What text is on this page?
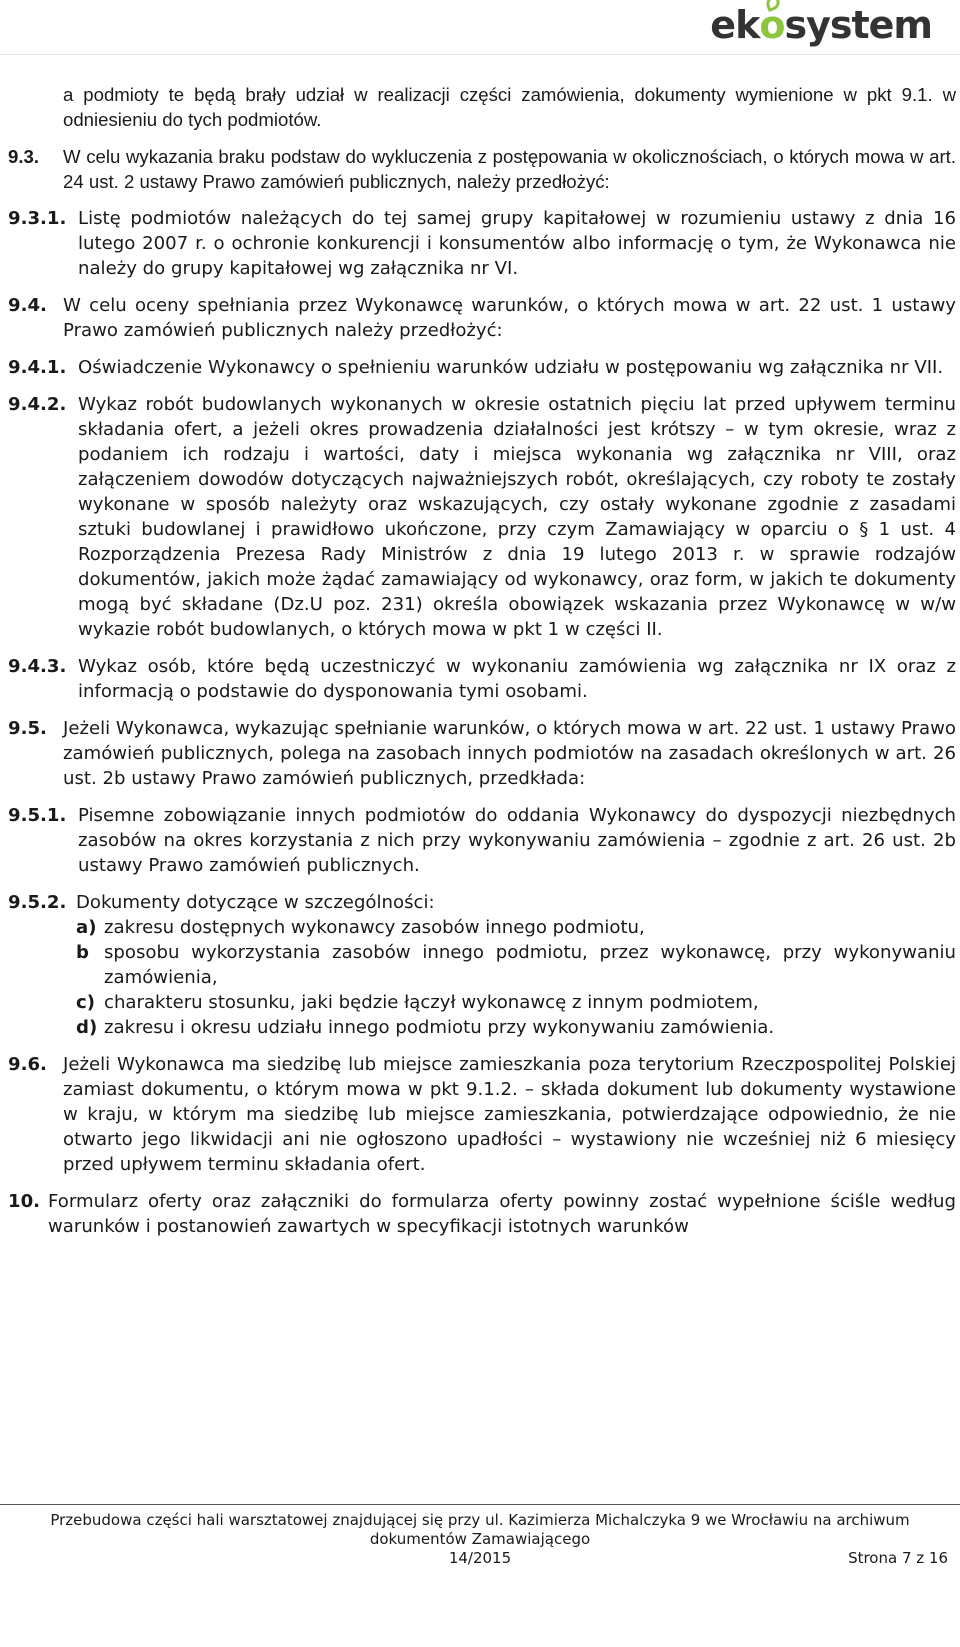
ek
osystem
a podmioty te będą brały udział w realizacji części zamówienia, dokumenty wymienione w pkt 9.1. w odniesieniu do tych podmiotów.
9.3.	W celu wykazania braku podstaw do wykluczenia z postępowania w okolicznościach, o których mowa w art. 24 ust. 2 ustawy Prawo zamówień publicznych, należy przedłożyć:
9.3.1. Listę podmiotów należących do tej samej grupy kapitałowej w rozumieniu ustawy z dnia 16 lutego 2007 r. o ochronie konkurencji i konsumentów albo informację o tym, że Wykonawca nie należy do grupy kapitałowej wg załącznika nr VI.
9.4. W celu oceny spełniania przez Wykonawcę warunków, o których mowa w art. 22 ust. 1 ustawy Prawo zamówień publicznych należy przedłożyć:
9.4.1. Oświadczenie Wykonawcy o spełnieniu warunków udziału w postępowaniu wg załącznika nr VII.
9.4.2. Wykaz robót budowlanych wykonanych w okresie ostatnich pięciu lat przed upływem terminu składania ofert, a jeżeli okres prowadzenia działalności jest krótszy – w tym okresie, wraz z podaniem ich rodzaju i wartości, daty i miejsca wykonania wg załącznika nr VIII, oraz załączeniem dowodów dotyczących najważniejszych robót, określających, czy roboty te zostały wykonane w sposób należyty oraz wskazujących, czy ostały wykonane zgodnie z zasadami sztuki budowlanej i prawidłowo ukończone, przy czym Zamawiający w oparciu o § 1 ust. 4 Rozporządzenia Prezesa Rady Ministrów z dnia 19 lutego 2013 r. w sprawie rodzajów dokumentów, jakich może żądać zamawiający od wykonawcy, oraz form, w jakich te dokumenty mogą być składane (Dz.U poz. 231) określa obowiązek wskazania przez Wykonawcę w w/w wykazie robót budowlanych, o których mowa w pkt 1 w części II.
9.4.3. Wykaz osób, które będą uczestniczyć w wykonaniu zamówienia wg załącznika nr IX oraz z informacją o podstawie do dysponowania tymi osobami.
9.5. Jeżeli Wykonawca, wykazując spełnianie warunków, o których mowa w art. 22 ust. 1 ustawy Prawo zamówień publicznych, polega na zasobach innych podmiotów na zasadach określonych w art. 26 ust. 2b ustawy Prawo zamówień publicznych, przedkłada:
9.5.1. Pisemne zobowiązanie innych podmiotów do oddania Wykonawcy do dyspozycji niezbędnych zasobów na okres korzystania z nich przy wykonywaniu zamówienia – zgodnie z art. 26 ust. 2b ustawy Prawo zamówień publicznych.
9.5.2. Dokumenty dotyczące w szczególności:
a) zakresu dostępnych wykonawcy zasobów innego podmiotu,
b sposobu wykorzystania zasobów innego podmiotu, przez wykonawcę, przy wykonywaniu zamówienia,
c) charakteru stosunku, jaki będzie łączył wykonawcę z innym podmiotem,
d) zakresu i okresu udziału innego podmiotu przy wykonywaniu zamówienia.
9.6. Jeżeli Wykonawca ma siedzibę lub miejsce zamieszkania poza terytorium Rzeczpospolitej Polskiej zamiast dokumentu, o którym mowa w pkt 9.1.2. – składa dokument lub dokumenty wystawione w kraju, w którym ma siedzibę lub miejsce zamieszkania, potwierdzające odpowiednio, że nie otwarto jego likwidacji ani nie ogłoszono upadłości – wystawiony nie wcześniej niż 6 miesięcy przed upływem terminu składania ofert.
10. Formularz oferty oraz załączniki do formularza oferty powinny zostać wypełnione ściśle według warunków i postanowień zawartych w specyfikacji istotnych warunków
Przebudowa części hali warsztatowej znajdującej się przy ul. Kazimierza Michalczyka 9 we Wrocławiu na archiwum
dokumentów Zamawiającego
14/2015	Strona 7 z 16
